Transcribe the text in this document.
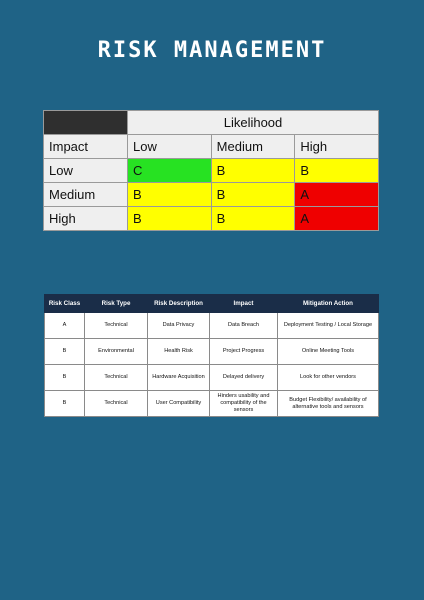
RISK MANAGEMENT
	Likelihood		
Impact	Low	Medium	High
Low	C	B	B
Medium	B	B	A
High	B	B	A
Risk Class	Risk Type	Risk Description	Impact	Mitigation Action
A	Technical	Data Privacy	Data Breach	Deployment Testing / Local Storage
B	Environmental	Health Risk	Project Progress	Online Meeting Tools
B	Technical	Hardware Acquisition	Delayed delivery	Look for other vendors
B	Technical	User Compatibility	Hinders usability and compatibility of the sensors	Budget Flexibility/ availability of alternative tools and sensors
